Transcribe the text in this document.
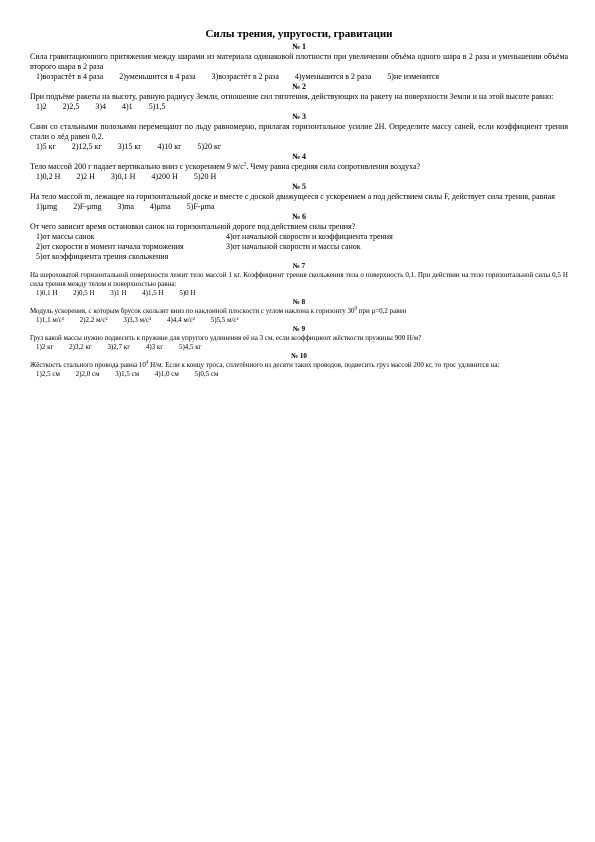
Силы трения, упругости, гравитации
№ 1
Сила гравитационного притяжения между шарами из материала одинаковой плотности при увеличении объёма одного шара в 2 раза и уменьшении объёма второго шара в 2 раза
1)возрастёт в 4 раза 2)уменьшится в 4 раза 3)возрастёт в 2 раза 4)уменьшится в 2 раза 5)не изменится
№ 2
При подъёме ракеты на высоту, равную радиусу Земли, отношение сил тяготения, действующих на ракету на поверхности Земли и на этой высоте равно:
1)2 2)2,5 3)4 4)1 5)1,5
№ 3
Сани со стальными полозьями перемещают по льду равномерно, прилагая горизонтальное усилие 2Н. Определите массу саней, если коэффициент трения стали о лёд равен 0,2.
1)5 кг 2)12,5 кг 3)15 кг 4)10 кг 5)20 кг
№ 4
Тело массой 200 г падает вертикально вниз с ускорением 9 $м/с^2$. Чему равна средняя сила сопротивления воздуха?
1)0,2 Н 2)2 Н 3)0,1 Н 4)200 Н 5)20 Н
№ 5
На тело массой m, лежащее на горизонтальной доске и вместе с доской движущееся с ускорением a под действием силы F, действует сила трения, равная
1)μmg 2)F-μmg 3)ma 4)μma 5)F-μma
№ 6
От чего зависит время остановки санок на горизонтальной дороге под действием силы трения?
1)от массы санок	4)от начальной скорости и коэффициента трения
2)от скорости в момент начала торможения	3)от начальной скорости и массы санок
5)от коэффициента трения скольжения
№ 7
На шероховатой горизонтальной поверхности лежит тело массой 1 кг. Коэффициент трения скольжения тела о поверхность 0,1. При действии на тело горизонтальной силы 0,5 Н сила трения между телом и поверхностью равна:
1)0,1 Н 2)0,5 Н 3)1 Н 4)1,5 Н 5)0 Н
№ 8
Модуль ускорения, с которым брусок скользит вниз по наклонной плоскости с углом наклона к горизонту $30^0$ при μ=0,2 равен
1)1,1 м/с² 2)2,2 м/с² 3)3,3 м/с² 4)4,4 м/с² 5)5,5 м/с²
№ 9
Груз какой массы нужно подвесить к пружине для упругого удлинения её на 3 см, если коэффициент жёсткости пружины 900 Н/м?
1)2 кг 2)3,2 кг 3)2,7 кг 4)3 кг 5)4,5 кг
№ 10
Жёсткость стального провода равна $10^4$ Н/м. Если к концу троса, сплетённого из десяти таких проводов, подвесить груз массой 200 кг, то трос удлинится на:
1)2,5 см 2)2,0 см 3)1,5 см 4)1,0 см 5)0,5 см
